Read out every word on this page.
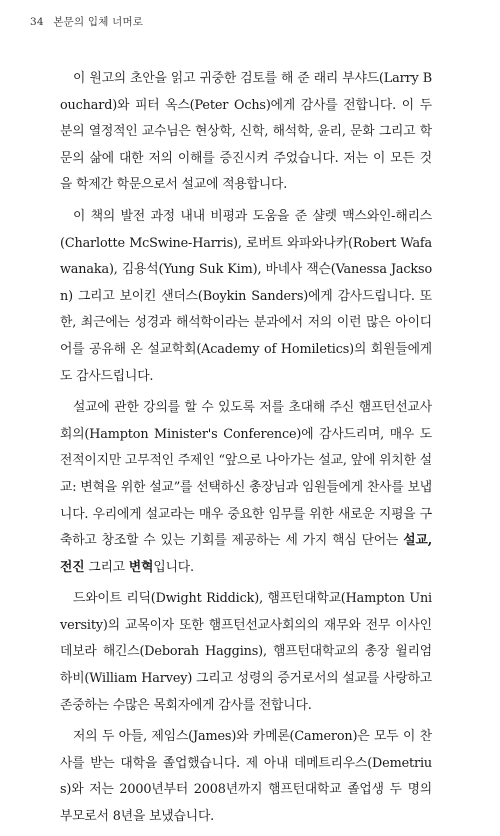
34 본문의 입체 너머로

이 원고의 초안을 읽고 귀중한 검토를 해 준 래리 부샤드(Larry Bouchard)와 피터 옥스(Peter Ochs)에게 감사를 전합니다. 이 두 분의 열정적인 교수님은 현상학, 신학, 해석학, 윤리, 문화 그리고 학문의 삶에 대한 저의 이해를 증진시켜 주었습니다. 저는 이 모든 것을 학제간 학문으로서 설교에 적용합니다.

이 책의 발전 과정 내내 비평과 도움을 준 샬렛 맥스와인-해리스(Charlotte McSwine-Harris), 로버트 와파와나카(Robert Wafawanaka), 김용석(Yung Suk Kim), 바네사 잭슨(Vanessa Jackson) 그리고 보이킨 샌더스(Boykin Sanders)에게 감사드립니다. 또한, 최근에는 성경과 해석학이라는 분과에서 저의 이런 많은 아이디어를 공유해 온 설교학회(Academy of Homiletics)의 회원들에게도 감사드립니다.

설교에 관한 강의를 할 수 있도록 저를 초대해 주신 햄프턴선교사회의(Hampton Minister's Conference)에 감사드리며, 매우 도전적이지만 고무적인 주제인 “앞으로 나아가는 설교, 앞에 위치한 설교: 변혁을 위한 설교”를 선택하신 총장님과 임원들에게 찬사를 보냅니다. 우리에게 설교라는 매우 중요한 임무를 위한 새로운 지평을 구축하고 창조할 수 있는 기회를 제공하는 세 가지 핵심 단어는 설교, 전진 그리고 변혁입니다.

드와이트 리딕(Dwight Riddick), 햄프턴대학교(Hampton University)의 교목이자 또한 햄프턴선교사회의의 재무와 전무 이사인 데보라 해긴스(Deborah Haggins), 햄프턴대학교의 총장 윌리엄 하비(William Harvey) 그리고 성령의 증거로서의 설교를 사랑하고 존중하는 수많은 목회자에게 감사를 전합니다.

저의 두 아들, 제임스(James)와 카메론(Cameron)은 모두 이 찬사를 받는 대학을 졸업했습니다. 제 아내 데메트리우스(Demetrius)와 저는 2000년부터 2008년까지 햄프턴대학교 졸업생 두 명의 부모로서 8년을 보냈습니다.
